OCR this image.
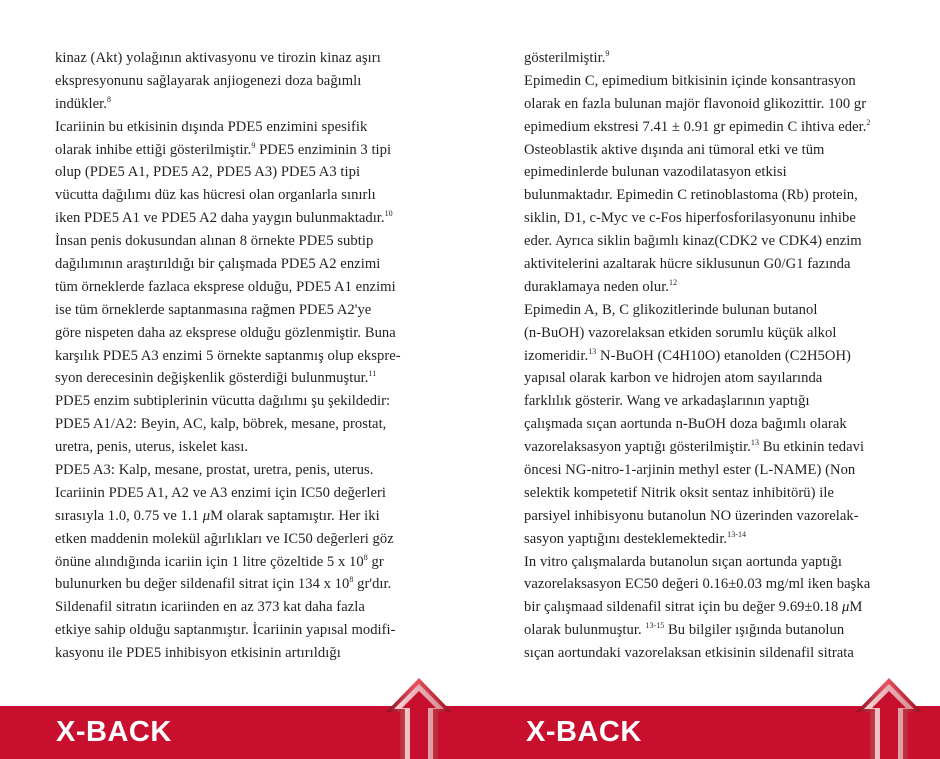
kinaz (Akt) yolağının aktivasyonu ve tirozin kinaz aşırı
ekspresyonunu sağlayarak anjiogenezi doza bağımlı
indükler.$^8$
Icariinin bu etkisinin dışında PDE5 enzimini spesifik
olarak inhibe ettiği gösterilmiştir.$^9$ PDE5 enziminin 3 tipi
olup (PDE5 A1, PDE5 A2, PDE5 A3) PDE5 A3 tipi
vücutta dağılımı düz kas hücresi olan organlarla sınırlı
iken PDE5 A1 ve PDE5 A2 daha yaygın bulunmaktadır.$^{10}$
İnsan penis dokusundan alınan 8 örnekte PDE5 subtip
dağılımının araştırıldığı bir çalışmada PDE5 A2 enzimi
tüm örneklerde fazlaca eksprese olduğu, PDE5 A1 enzimi
ise tüm örneklerde saptanmasına rağmen PDE5 A2'ye
göre nispeten daha az eksprese olduğu gözlenmiştir. Buna
karşılık PDE5 A3 enzimi 5 örnekte saptanmış olup ekspre-
syon derecesinin değişkenlik gösterdiği bulunmuştur.$^{11}$
PDE5 enzim subtiplerinin vücutta dağılımı şu şekildedir:
PDE5 A1/A2: Beyin, AC, kalp, böbrek, mesane, prostat,
uretra, penis, uterus, iskelet kası.
PDE5 A3: Kalp, mesane, prostat, uretra, penis, uterus.
Icariinin PDE5 A1, A2 ve A3 enzimi için IC50 değerleri
sırasıyla 1.0, 0.75 ve 1.1 μM olarak saptamıştır. Her iki
etken maddenin molekül ağırlıkları ve IC50 değerleri göz
önüne alındığında icariin için 1 litre çözeltide 5 x $10^8$ gr
bulunurken bu değer sildenafil sitrat için 134 x $10^8$ gr'dır.
Sildenafil sitratın icariinden en az 373 kat daha fazla
etkiye sahip olduğu saptanmıştır. İcariinin yapısal modifi-
kasyonu ile PDE5 inhibisyon etkisinin artırıldığı
X-BACK
gösterilmiştir.$^9$
Epimedin C, epimedium bitkisinin içinde konsantrasyon
olarak en fazla bulunan majör flavonoid glikozittir. 100 gr
epimedium ekstresi 7.41 ± 0.91 gr epimedin C ihtiva eder.$^2$
Osteoblastik aktive dışında ani tümoral etki ve tüm
epimedinlerde bulunan vazodilatasyon etkisi
bulunmaktadır. Epimedin C retinoblastoma (Rb) protein,
siklin, D1, c-Myc ve c-Fos hiperfosforilasyonunu inhibe
eder. Ayrıca siklin bağımlı kinaz(CDK2 ve CDK4) enzim
aktivitelerini azaltarak hücre siklusunun G0/G1 fazında
duraklamaya neden olur.$^{12}$
Epimedin A, B, C glikozitlerinde bulunan butanol
(n-BuOH) vazorelaksan etkiden sorumlu küçük alkol
izomeridir.$^{13}$ N-BuOH (C4H10O) etanolden (C2H5OH)
yapısal olarak karbon ve hidrojen atom sayılarında
farklılık gösterir. Wang ve arkadaşlarının yaptığı
çalışmada sıçan aortunda n-BuOH doza bağımlı olarak
vazorelaksasyon yaptığı gösterilmiştir.$^{13}$ Bu etkinin tedavi
öncesi NG-nitro-1-arjinin methyl ester (L-NAME) (Non
selektik kompetetif Nitrik oksit sentaz inhibitörü) ile
parsiyel inhibisyonu butanolun NO üzerinden vazorelak-
sasyon yaptığını desteklemektedir.$^{13-14}$
In vitro çalışmalarda butanolun sıçan aortunda yaptığı
vazorelaksasyon EC50 değeri 0.16±0.03 mg/ml iken başka
bir çalışmaad sildenafil sitrat için bu değer 9.69±0.18 μM
olarak bulunmuştur. $^{13-15}$ Bu bilgiler ışığında butanolun
sıçan aortundaki vazorelaksan etkisinin sildenafil sitrata
X-BACK
